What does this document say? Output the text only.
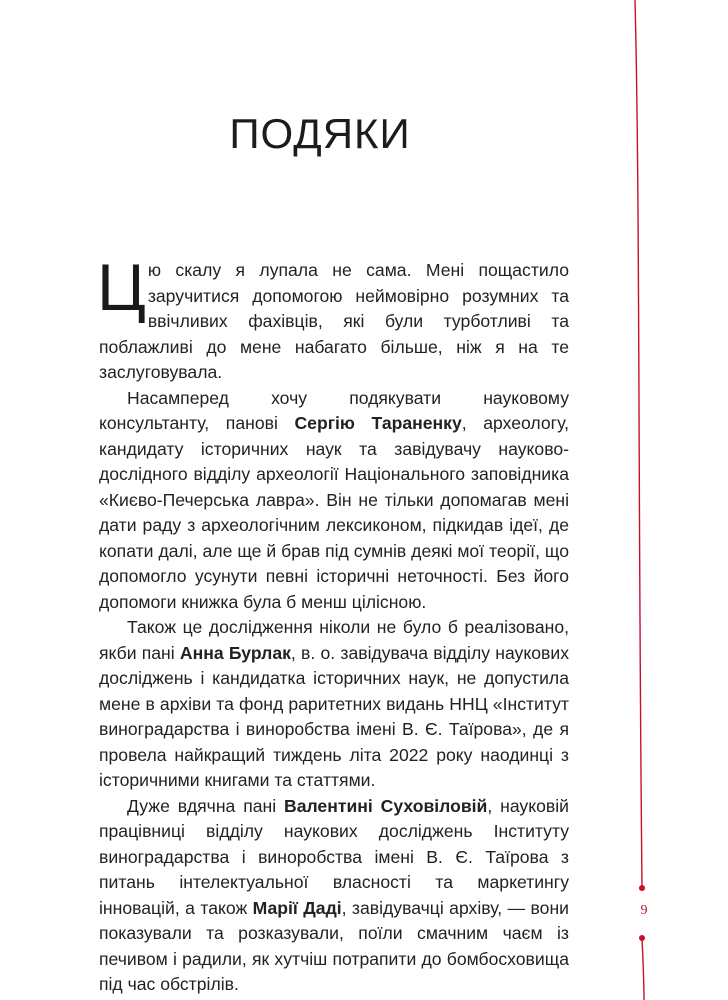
ПОДЯКИ

Цю скалу я лупала не сама. Мені пощастило заручитися допомогою неймовірно розумних та ввічливих фахівців, які були турботливі та поблажливі до мене набагато більше, ніж я на те заслуговувала.

Насамперед хочу подякувати науковому консультанту, панові Сергію Тараненку, археологу, кандидату історичних наук та завідувачу науково-дослідного відділу археології Національного заповідника «Києво-Печерська лавра». Він не тільки допомагав мені дати раду з археологічним лексиконом, підкидав ідеї, де копати далі, але ще й брав під сумнів деякі мої теорії, що допомогло усунути певні історичні неточності. Без його допомоги книжка була б менш цілісною.

Також це дослідження ніколи не було б реалізовано, якби пані Анна Бурлак, в. о. завідувача відділу наукових досліджень і кандидатка історичних наук, не допустила мене в архіви та фонд раритетних видань ННЦ «Інститут виноградарства і виноробства імені В. Є. Таїрова», де я провела найкращий тиждень літа 2022 року наодинці з історичними книгами та статтями.

Дуже вдячна пані Валентині Суховіловій, науковій працівниці відділу наукових досліджень Інституту виноградарства і виноробства імені В. Є. Таїрова з питань інтелектуальної власності та маркетингу інновацій, а також Марії Даді, завідувачці архіву, — вони показували та розказували, поїли смачним чаєм із печивом і радили, як хутчіш потрапити до бомбосховища під час обстрілів.

9
